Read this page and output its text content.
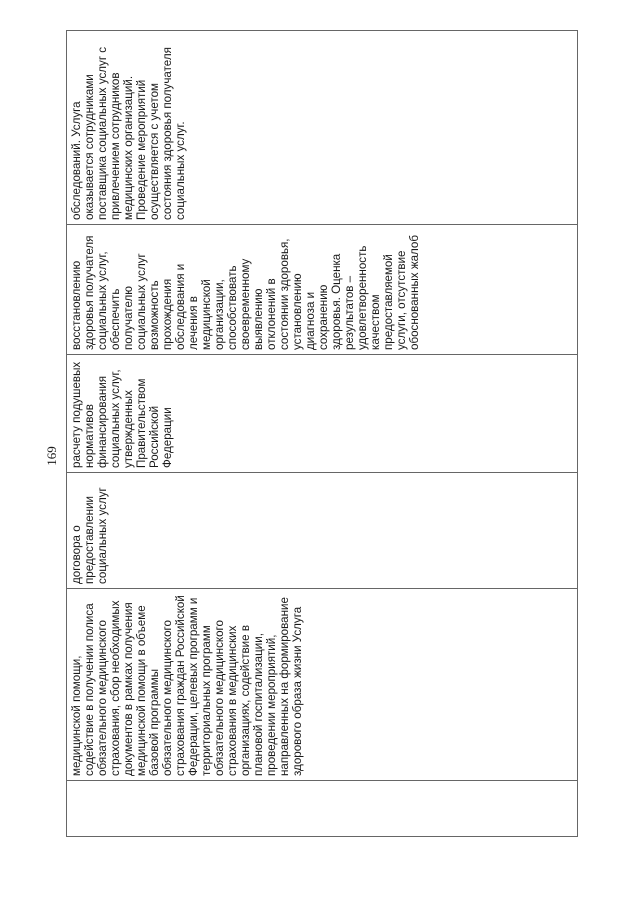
169
	медицинской помощи, содействие в получении полиса обязательного медицинского страхования, сбор необходимых документов в рамках получения медицинской помощи в объеме базовой программы обязательного медицинского страхования граждан Российской Федерации, целевых программ и территориальных программ обязательного медицинского страхования в медицинских организациях, содействие в плановой госпитализации, проведении мероприятий, направленных на формирование здорового образа жизни Услуга	договора о предоставлении социальных услуг	расчету подушевых нормативов финансирования социальных услуг, утвержденных Правительством Российской Федерации	восстановлению здоровья получателя социальных услуг, обеспечить получателю социальных услуг возможность прохождения обследования и лечения в медицинской организации, способствовать своевременному выявлению отклонений в состоянии здоровья, установлению диагноза и сохранению здоровья. Оценка результатов – удовлетворенность качеством предоставляемой услуги, отсутствие обоснованных жалоб	обследований. Услуга оказывается сотрудниками поставщика социальных услуг с привлечением сотрудников медицинских организаций. Проведение мероприятий осуществляется с учетом состояния здоровья получателя социальных услуг.
